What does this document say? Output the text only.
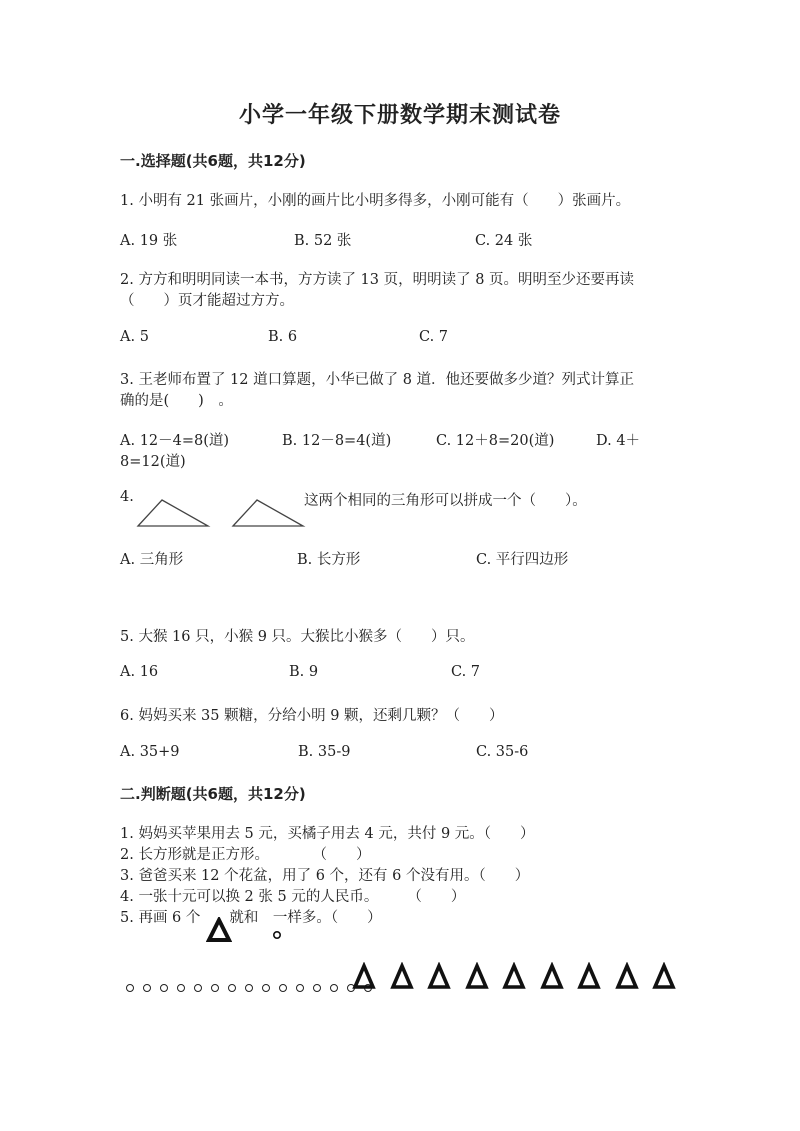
小学一年级下册数学期末测试卷
一.选择题(共6题，共12分)
1. 小明有 21 张画片，小刚的画片比小明多得多，小刚可能有（　　）张画片。
A. 19 张	B. 52 张	C. 24 张
2. 方方和明明同读一本书，方方读了 13 页，明明读了 8 页。明明至少还要再读
（　　）页才能超过方方。
A. 5	B. 6	C. 7
3. 王老师布置了 12 道口算题，小华已做了 8 道．他还要做多少道？列式计算正
确的是(　　)　。
A. 12－4=8(道)	B. 12－8=4(道)	C. 12＋8=20(道)	D. 4＋
8=12(道)
4.	这两个相同的三角形可以拼成一个（　　）。
A. 三角形	B. 长方形	C. 平行四边形
5. 大猴 16 只，小猴 9 只。大猴比小猴多（　　）只。
A. 16	B. 9	C. 7
6. 妈妈买来 35 颗糖，分给小明 9 颗，还剩几颗？（　　）
A. 35+9	B. 35-9	C. 35-6
二.判断题(共6题，共12分)
1. 妈妈买苹果用去 5 元，买橘子用去 4 元，共付 9 元。（　　）
2. 长方形就是正方形。　　　　（　　）
3. 爸爸买来 12 个花盆，用了 6 个，还有 6 个没有用。（　　）
4. 一张十元可以换 2 张 5 元的人民币。　　　（　　）
5. 再画 6 个　　就和　一样多。（　　）
